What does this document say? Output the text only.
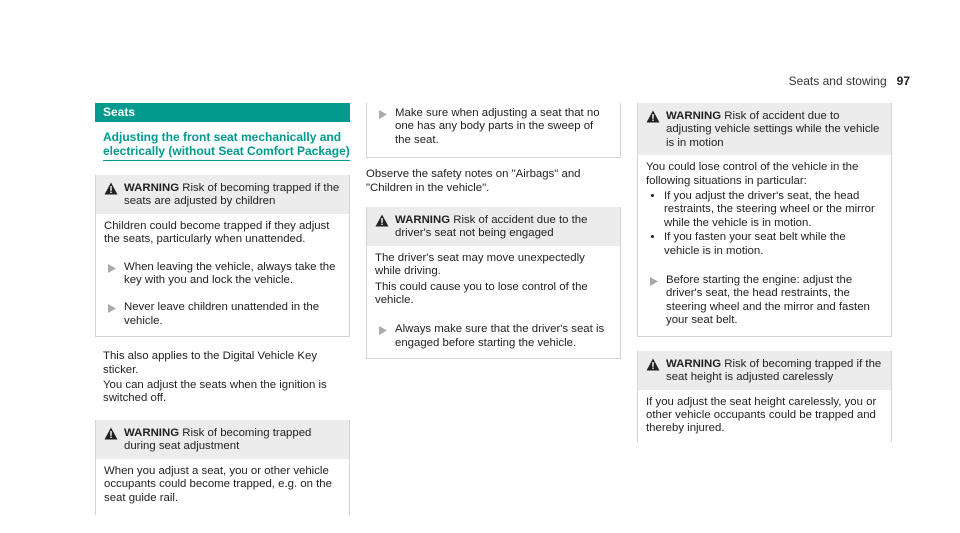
Seats and stowing 97
Seats
Adjusting the front seat mechanically and electrically (without Seat Comfort Package)
WARNING Risk of becoming trapped if the seats are adjusted by children
Children could become trapped if they adjust the seats, particularly when unattended.
When leaving the vehicle, always take the key with you and lock the vehicle.
Never leave children unattended in the vehicle.

This also applies to the Digital Vehicle Key sticker.

You can adjust the seats when the ignition is switched off.

WARNING Risk of becoming trapped during seat adjustment
When you adjust a seat, you or other vehicle occupants could become trapped, e.g. on the seat guide rail.
Make sure when adjusting a seat that no one has any body parts in the sweep of the seat.

Observe the safety notes on "Airbags" and "Children in the vehicle".

WARNING Risk of accident due to the driver's seat not being engaged

The driver's seat may move unexpectedly while driving.

This could cause you to lose control of the vehicle.

Always make sure that the driver's seat is engaged before starting the vehicle.
WARNING Risk of accident due to adjusting vehicle settings while the vehicle is in motion

You could lose control of the vehicle in the following situations in particular:

• If you adjust the driver's seat, the head restraints, the steering wheel or the mirror while the vehicle is in motion.
• If you fasten your seat belt while the vehicle is in motion.
Before starting the engine: adjust the driver's seat, the head restraints, the steering wheel and the mirror and fasten your seat belt.
WARNING Risk of becoming trapped if the seat height is adjusted carelessly
If you adjust the seat height carelessly, you or other vehicle occupants could be trapped and thereby injured.
